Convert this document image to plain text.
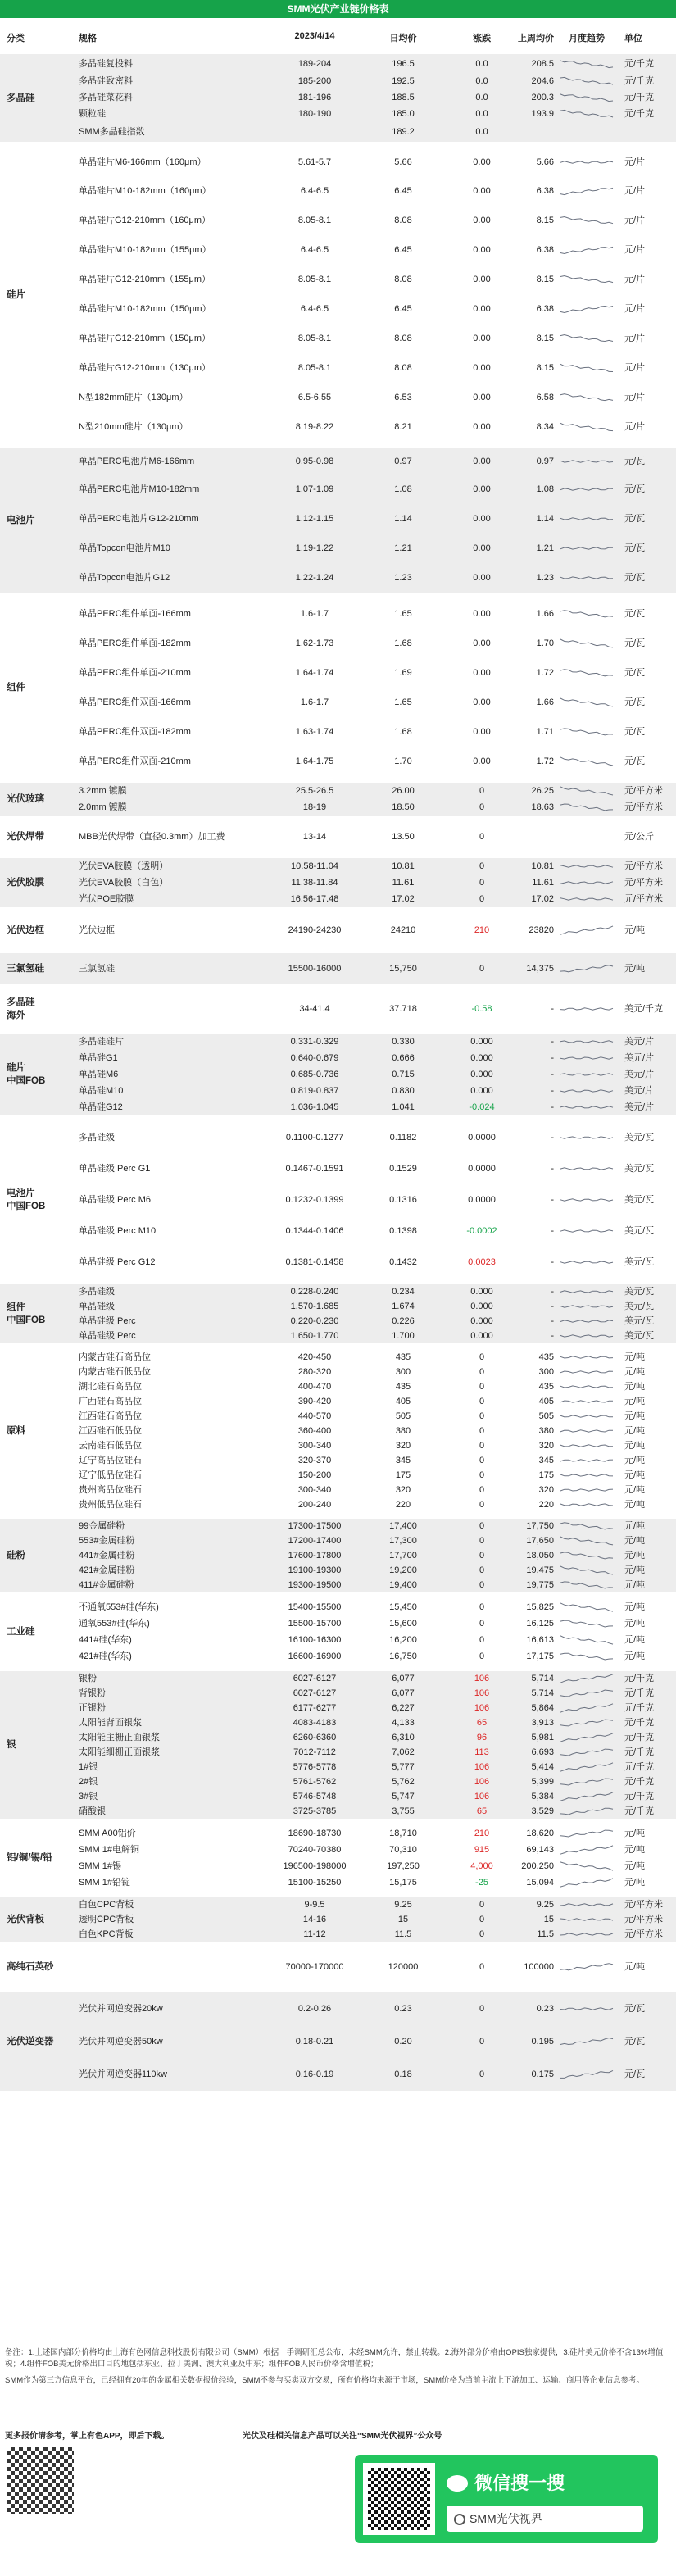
SMM光伏产业链价格表
分类	规格	2023/4/14	日均价	涨跌	上周均价	月度趋势	单位
多晶硅
多晶硅复投料	189-204	196.5	0.0	208.5	元/千克
多晶硅致密料	185-200	192.5	0.0	204.6	元/千克
多晶硅菜花料	181-196	188.5	0.0	200.3	元/千克
颗粒硅	180-190	185.0	0.0	193.9	元/千克
SMM多晶硅指数	189.2	0.0
硅片
单晶硅片M6-166mm（160μm）	5.61-5.7	5.66	0.00	5.66	元/片
单晶硅片M10-182mm（160μm）	6.4-6.5	6.45	0.00	6.38	元/片
单晶硅片G12-210mm（160μm）	8.05-8.1	8.08	0.00	8.15	元/片
单晶硅片M10-182mm（155μm）	6.4-6.5	6.45	0.00	6.38	元/片
单晶硅片G12-210mm（155μm）	8.05-8.1	8.08	0.00	8.15	元/片
单晶硅片M10-182mm（150μm）	6.4-6.5	6.45	0.00	6.38	元/片
单晶硅片G12-210mm（150μm）	8.05-8.1	8.08	0.00	8.15	元/片
单晶硅片G12-210mm（130μm）	8.05-8.1	8.08	0.00	8.15	元/片
N型182mm硅片（130μm）	6.5-6.55	6.53	0.00	6.58	元/片
N型210mm硅片（130μm）	8.19-8.22	8.21	0.00	8.34	元/片
电池片
单晶PERC电池片M6-166mm	0.95-0.98	0.97	0.00	0.97	元/瓦
单晶PERC电池片M10-182mm	1.07-1.09	1.08	0.00	1.08	元/瓦
单晶PERC电池片G12-210mm	1.12-1.15	1.14	0.00	1.14	元/瓦
单晶Topcon电池片M10	1.19-1.22	1.21	0.00	1.21	元/瓦
单晶Topcon电池片G12	1.22-1.24	1.23	0.00	1.23	元/瓦
组件
单晶PERC组件单面-166mm	1.6-1.7	1.65	0.00	1.66	元/瓦
单晶PERC组件单面-182mm	1.62-1.73	1.68	0.00	1.70	元/瓦
单晶PERC组件单面-210mm	1.64-1.74	1.69	0.00	1.72	元/瓦
单晶PERC组件双面-166mm	1.6-1.7	1.65	0.00	1.66	元/瓦
单晶PERC组件双面-182mm	1.63-1.74	1.68	0.00	1.71	元/瓦
单晶PERC组件双面-210mm	1.64-1.75	1.70	0.00	1.72	元/瓦
光伏玻璃
3.2mm 镀膜	25.5-26.5	26.00	0	26.25	元/平方米
2.0mm 镀膜	18-19	18.50	0	18.63	元/平方米
光伏焊带	MBB光伏焊带（直径0.3mm）加工费	13-14	13.50	0	元/公斤
光伏胶膜
光伏EVA胶膜（透明）	10.58-11.04	10.81	0	10.81	元/平方米
光伏EVA胶膜（白色）	11.38-11.84	11.61	0	11.61	元/平方米
光伏POE胶膜	16.56-17.48	17.02	0	17.02	元/平方米
光伏边框	光伏边框	24190-24230	24210	210	23820	元/吨
三氯氢硅	三氯氢硅	15500-16000	15,750	0	14,375	元/吨
多晶硅
海外
34-41.4	37.718	-0.58	-	美元/千克
硅片
中国FOB
多晶硅硅片	0.331-0.329	0.330	0.000	-	美元/片
单晶硅G1	0.640-0.679	0.666	0.000	-	美元/片
单晶硅M6	0.685-0.736	0.715	0.000	-	美元/片
单晶硅M10	0.819-0.837	0.830	0.000	-	美元/片
单晶硅G12	1.036-1.045	1.041	-0.024	-	美元/片
电池片
中国FOB
多晶硅级	0.1100-0.1277	0.1182	0.0000	-	美元/瓦
单晶硅级 Perc G1	0.1467-0.1591	0.1529	0.0000	-	美元/瓦
单晶硅级 Perc M6	0.1232-0.1399	0.1316	0.0000	-	美元/瓦
单晶硅级 Perc M10	0.1344-0.1406	0.1398	-0.0002	-	美元/瓦
单晶硅级 Perc G12	0.1381-0.1458	0.1432	0.0023	-	美元/瓦
组件
中国FOB
多晶硅级	0.228-0.240	0.234	0.000	-	美元/瓦
单晶硅级	1.570-1.685	1.674	0.000	-	美元/瓦
单晶硅级 Perc	0.220-0.230	0.226	0.000	-	美元/瓦
单晶硅级 Perc	1.650-1.770	1.700	0.000	-	美元/瓦
原料
内蒙古硅石高品位	420-450	435	0	435	元/吨
内蒙古硅石低品位	280-320	300	0	300	元/吨
湖北硅石高品位	400-470	435	0	435	元/吨
广西硅石高品位	390-420	405	0	405	元/吨
江西硅石高品位	440-570	505	0	505	元/吨
江西硅石低品位	360-400	380	0	380	元/吨
云南硅石低品位	300-340	320	0	320	元/吨
辽宁高品位硅石	320-370	345	0	345	元/吨
辽宁低品位硅石	150-200	175	0	175	元/吨
贵州高品位硅石	300-340	320	0	320	元/吨
贵州低品位硅石	200-240	220	0	220	元/吨
硅粉
99金属硅粉	17300-17500	17,400	0	17,750	元/吨
553#金属硅粉	17200-17400	17,300	0	17,650	元/吨
441#金属硅粉	17600-17800	17,700	0	18,050	元/吨
421#金属硅粉	19100-19300	19,200	0	19,475	元/吨
411#金属硅粉	19300-19500	19,400	0	19,775	元/吨
工业硅
不通氧553#硅(华东)	15400-15500	15,450	0	15,825	元/吨
通氧553#硅(华东)	15500-15700	15,600	0	16,125	元/吨
441#硅(华东)	16100-16300	16,200	0	16,613	元/吨
421#硅(华东)	16600-16900	16,750	0	17,175	元/吨
银
银粉	6027-6127	6,077	106	5,714	元/千克
背银粉	6027-6127	6,077	106	5,714	元/千克
正银粉	6177-6277	6,227	106	5,864	元/千克
太阳能背面银浆	4083-4183	4,133	65	3,913	元/千克
太阳能主栅正面银浆	6260-6360	6,310	96	5,981	元/千克
太阳能细栅正面银浆	7012-7112	7,062	113	6,693	元/千克
1#银	5776-5778	5,777	106	5,414	元/千克
2#银	5761-5762	5,762	106	5,399	元/千克
3#银	5746-5748	5,747	106	5,384	元/千克
硝酸银	3725-3785	3,755	65	3,529	元/千克
铝/铜/锡/铅
SMM A00铝价	18690-18730	18,710	210	18,620	元/吨
SMM 1#电解铜	70240-70380	70,310	915	69,143	元/吨
SMM 1#锡	196500-198000	197,250	4,000	200,250	元/吨
SMM 1#铅锭	15100-15250	15,175	-25	15,094	元/吨
光伏背板
白色CPC背板	9-9.5	9.25	0	9.25	元/平方米
透明CPC背板	14-16	15	0	15	元/平方米
白色KPC背板	11-12	11.5	0	11.5	元/平方米
高纯石英砂	70000-170000	120000	0	100000	元/吨
光伏逆变器
光伏并网逆变器20kw	0.2-0.26	0.23	0	0.23	元/瓦
光伏并网逆变器50kw	0.18-0.21	0.20	0	0.195	元/瓦
光伏并网逆变器110kw	0.16-0.19	0.18	0	0.175	元/瓦

备注：1.上述国内部分价格均由上海有色网信息科技股份有限公司（SMM）根据一手调研汇总公布，未经SMM允许，禁止转载。2.海外部分价格由OPIS独家提供，3.硅片美元价格不含13%增值税；4.组件FOB美元价格出口目的地包括东亚、拉丁美洲、澳大利亚及中东；组件FOB人民币价格含增值税；

SMM作为第三方信息平台，已经拥有20年的金属相关数据报价经验，SMM不参与买卖双方交易，所有价格均来源于市场，SMM价格为当前主流上下游加工、运输、商用等企业信息参考。

更多报价请参考，掌上有色APP，即后下载。	光伏及硅相关信息产品可以关注“SMM光伏视界”公众号
微信搜一搜
SMM光伏视界
